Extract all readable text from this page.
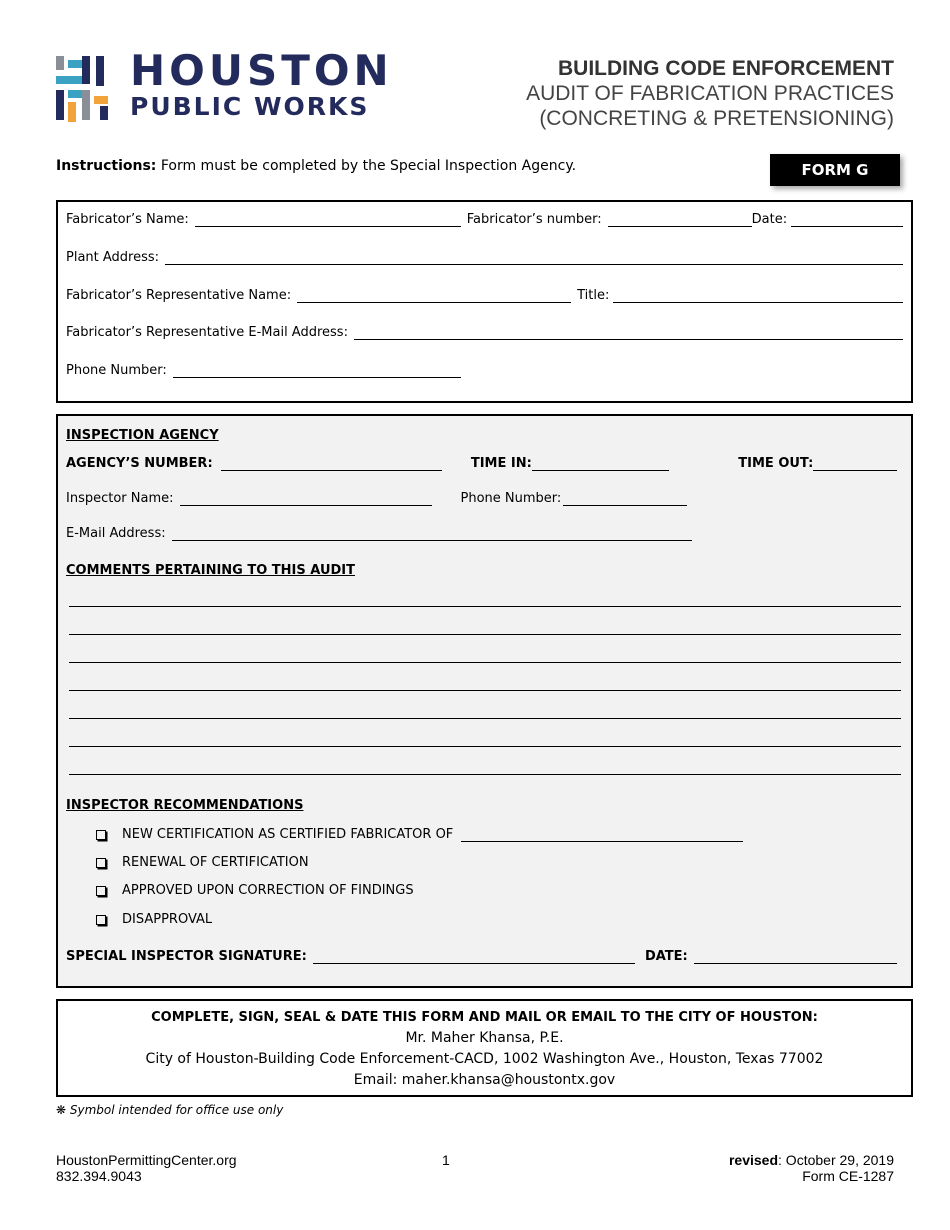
HOUSTON
PUBLIC WORKS
BUILDING CODE ENFORCEMENT
AUDIT OF FABRICATION PRACTICES
(CONCRETING & PRETENSIONING)
Instructions: Form must be completed by the Special Inspection Agency.	FORM G
Fabricator’s Name:	Fabricator’s number:	Date:
Plant Address:
Fabricator’s Representative Name:	Title:
Fabricator’s Representative E-Mail Address:
Phone Number:
INSPECTION AGENCY
AGENCY’S NUMBER:	TIME IN:	TIME OUT:
Inspector Name:	Phone Number:
E-Mail Address:
COMMENTS PERTAINING TO THIS AUDIT
INSPECTOR RECOMMENDATIONS
NEW CERTIFICATION AS CERTIFIED FABRICATOR OF
RENEWAL OF CERTIFICATION
APPROVED UPON CORRECTION OF FINDINGS
DISAPPROVAL
SPECIAL INSPECTOR SIGNATURE:	DATE:
COMPLETE, SIGN, SEAL & DATE THIS FORM AND MAIL OR EMAIL TO THE CITY OF HOUSTON:
Mr. Maher Khansa, P.E.
City of Houston-Building Code Enforcement-CACD, 1002 Washington Ave., Houston, Texas 77002
Email: maher.khansa@houstontx.gov
❋ Symbol intended for office use only
HoustonPermittingCenter.org
832.394.9043
1	revised: October 29, 2019
Form CE-1287
